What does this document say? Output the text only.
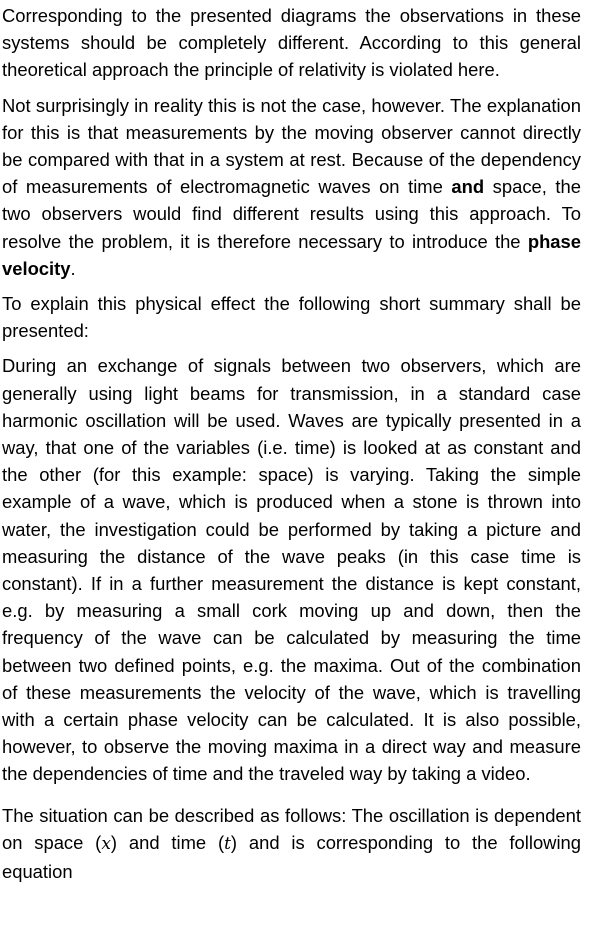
Corresponding to the presented diagrams the observations in these systems should be completely different. According to this general theoretical approach the principle of relativity is violated here.

Not surprisingly in reality this is not the case, however. The explanation for this is that measurements by the moving observer cannot directly be compared with that in a system at rest. Because of the dependency of measurements of electromagnetic waves on time and space, the two observers would find different results using this approach. To resolve the problem, it is therefore necessary to introduce the phase velocity.

To explain this physical effect the following short summary shall be presented:

During an exchange of signals between two observers, which are generally using light beams for transmission, in a standard case harmonic oscillation will be used. Waves are typically presented in a way, that one of the variables (i.e. time) is looked at as constant and the other (for this example: space) is varying. Taking the simple example of a wave, which is produced when a stone is thrown into water, the investigation could be performed by taking a picture and measuring the distance of the wave peaks (in this case time is constant). If in a further measurement the distance is kept constant, e.g. by measuring a small cork moving up and down, then the frequency of the wave can be calculated by measuring the time between two defined points, e.g. the maxima. Out of the combination of these measurements the velocity of the wave, which is travelling with a certain phase velocity can be calculated. It is also possible, however, to observe the moving maxima in a direct way and measure the dependencies of time and the traveled way by taking a video.

The situation can be described as follows: The oscillation is dependent on space (x) and time (t) and is corresponding to the following equation
